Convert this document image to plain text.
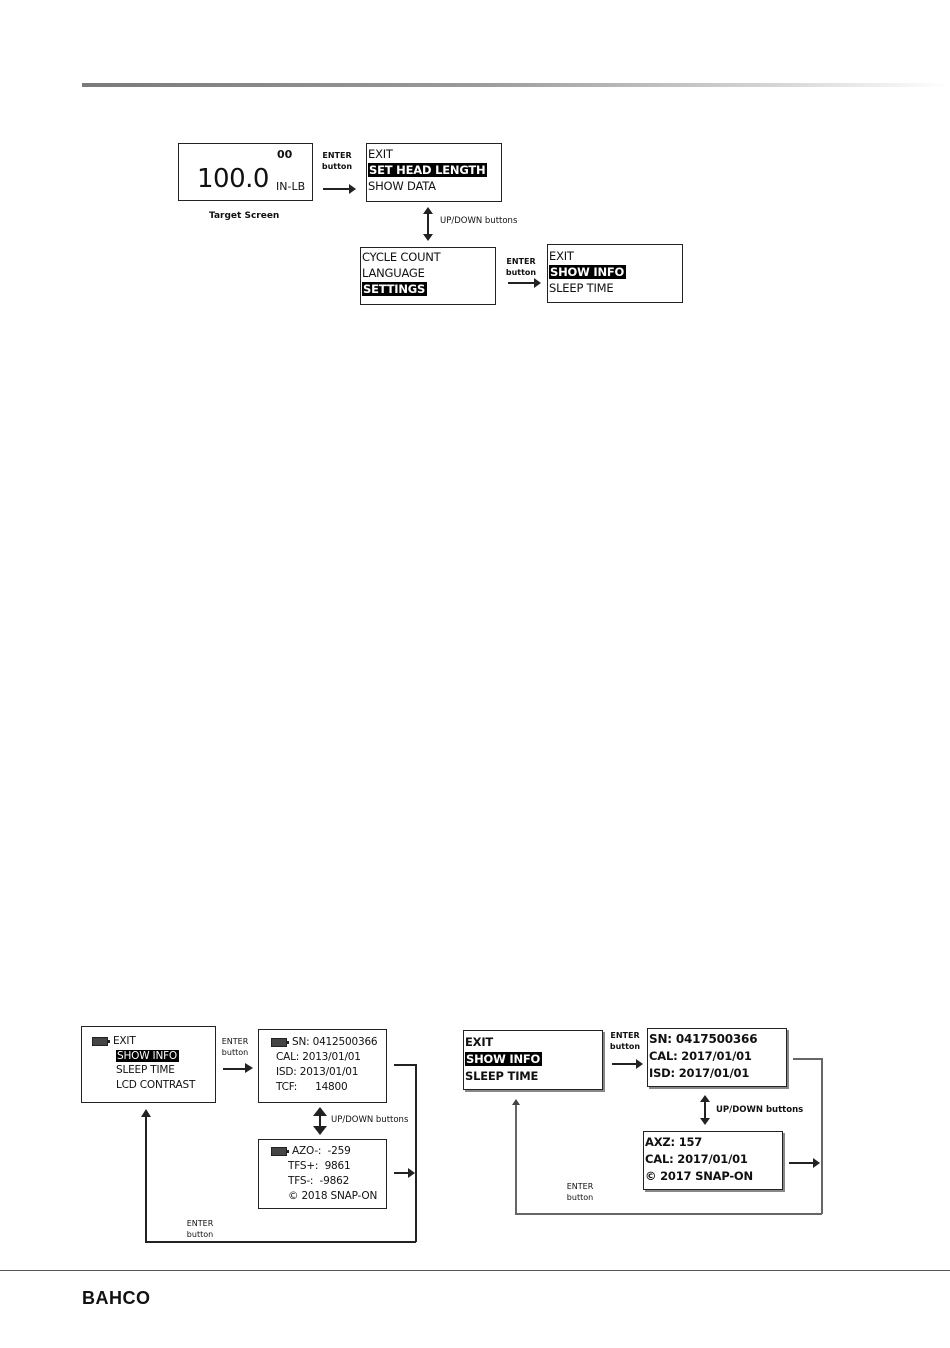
00
100.0 IN-LB
Target Screen
ENTER
button
EXIT
SET HEAD LENGTH
SHOW DATA
UP/DOWN buttons
CYCLE COUNT
LANGUAGE
SETTINGS
ENTER
button
EXIT
SHOW INFO
SLEEP TIME
EXIT
SHOW INFO
SLEEP TIME
LCD CONTRAST
ENTER
button
SN: 0412500366
CAL: 2013/01/01
ISD: 2013/01/01
TCF: 14800
UP/DOWN buttons
AZO-: -259
TFS+: 9861
TFS-: -9862
© 2018 SNAP-ON
ENTER
button
EXIT
SHOW INFO
SLEEP TIME
ENTER
button
SN: 0417500366
CAL: 2017/01/01
ISD: 2017/01/01
UP/DOWN buttons
AXZ: 157
CAL: 2017/01/01
© 2017 SNAP-ON
ENTER
button
BAHCO
